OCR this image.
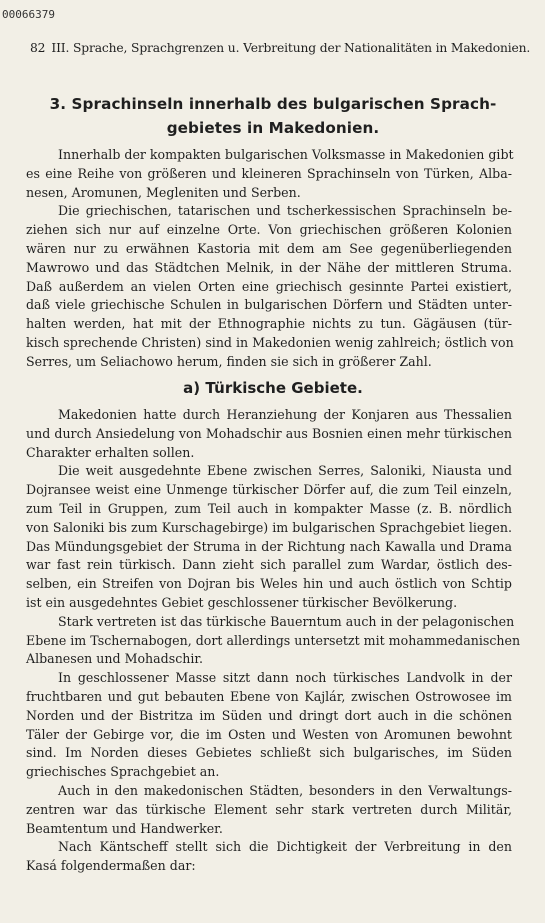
00066379
82 III. Sprache, Sprachgrenzen u. Verbreitung der Nationalitäten in Makedonien.
3. Sprachinseln innerhalb des bulgarischen Sprach-
gebietes in Makedonien.
Innerhalb der kompakten bulgarischen Volksmasse in Makedonien gibt
es eine Reihe von größeren und kleineren Sprachinseln von Türken, Alba-
nesen, Aromunen, Megleniten und Serben.
Die griechischen, tatarischen und tscherkessischen Sprachinseln be-
ziehen sich nur auf einzelne Orte. Von griechischen größeren Kolonien
wären nur zu erwähnen Kastoria mit dem am See gegenüberliegenden
Mawrowo und das Städtchen Melnik, in der Nähe der mittleren Struma.
Daß außerdem an vielen Orten eine griechisch gesinnte Partei existiert,
daß viele griechische Schulen in bulgarischen Dörfern und Städten unter-
halten werden, hat mit der Ethnographie nichts zu tun. Gägäusen (tür-
kisch sprechende Christen) sind in Makedonien wenig zahlreich; östlich von
Serres, um Seliachowo herum, finden sie sich in größerer Zahl.
a) Türkische Gebiete.
Makedonien hatte durch Heranziehung der Konjaren aus Thessalien
und durch Ansiedelung von Mohadschir aus Bosnien einen mehr türkischen
Charakter erhalten sollen.
Die weit ausgedehnte Ebene zwischen Serres, Saloniki, Niausta und
Dojransee weist eine Unmenge türkischer Dörfer auf, die zum Teil einzeln,
zum Teil in Gruppen, zum Teil auch in kompakter Masse (z. B. nördlich
von Saloniki bis zum Kurschagebirge) im bulgarischen Sprachgebiet liegen.
Das Mündungsgebiet der Struma in der Richtung nach Kawalla und Drama
war fast rein türkisch. Dann zieht sich parallel zum Wardar, östlich des-
selben, ein Streifen von Dojran bis Weles hin und auch östlich von Schtip
ist ein ausgedehntes Gebiet geschlossener türkischer Bevölkerung.
Stark vertreten ist das türkische Bauerntum auch in der pelagonischen
Ebene im Tschernabogen, dort allerdings untersetzt mit mohammedanischen
Albanesen und Mohadschir.
In geschlossener Masse sitzt dann noch türkisches Landvolk in der
fruchtbaren und gut bebauten Ebene von Kajlár, zwischen Ostrowosee im
Norden und der Bistritza im Süden und dringt dort auch in die schönen
Täler der Gebirge vor, die im Osten und Westen von Aromunen bewohnt
sind. Im Norden dieses Gebietes schließt sich bulgarisches, im Süden
griechisches Sprachgebiet an.
Auch in den makedonischen Städten, besonders in den Verwaltungs-
zentren war das türkische Element sehr stark vertreten durch Militär,
Beamtentum und Handwerker.
Nach Käntscheff stellt sich die Dichtigkeit der Verbreitung in den
Kasá folgendermaßen dar:
